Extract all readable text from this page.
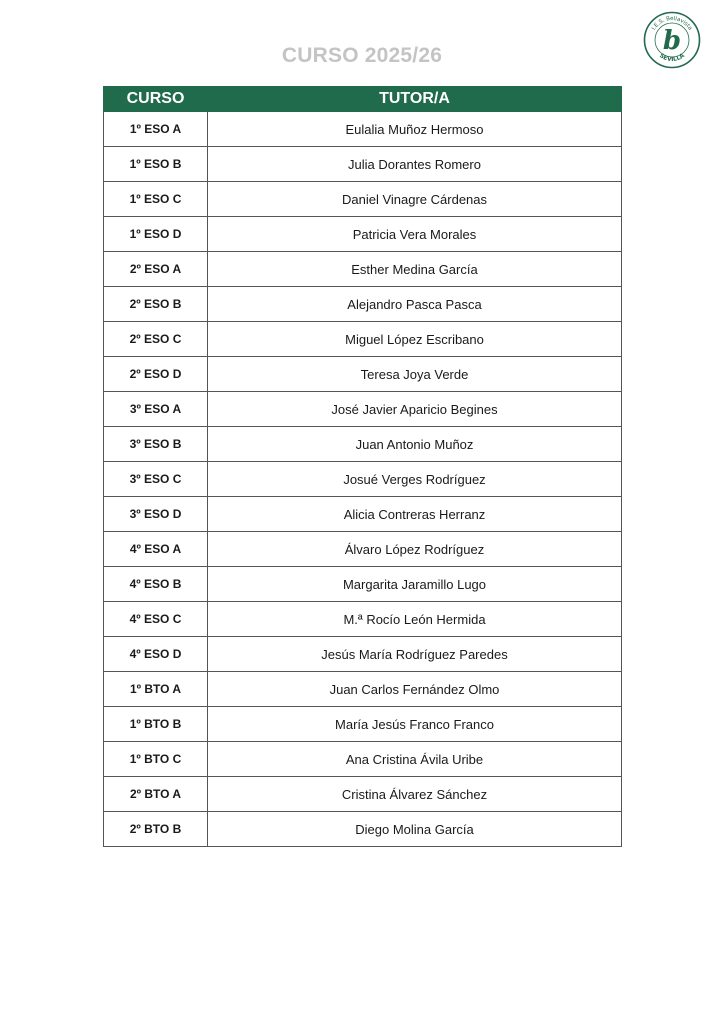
CURSO 2025/26
I.E.S. Bellavista
SEVILLA
b
CURSO	TUTOR/A
1º ESO A	Eulalia Muñoz Hermoso
1º ESO B	Julia Dorantes Romero
1º ESO C	Daniel Vinagre Cárdenas
1º ESO D	Patricia Vera Morales
2º ESO A	Esther Medina García
2º ESO B	Alejandro Pasca Pasca
2º ESO C	Miguel López Escribano
2º ESO D	Teresa Joya Verde
3º ESO A	José Javier Aparicio Begines
3º ESO B	Juan Antonio Muñoz
3º ESO C	Josué Verges Rodríguez
3º ESO D	Alicia Contreras Herranz
4º ESO A	Álvaro López Rodríguez
4º ESO B	Margarita Jaramillo Lugo
4º ESO C	M.ª Rocío León Hermida
4º ESO D	Jesús María Rodríguez Paredes
1º BTO A	Juan Carlos Fernández Olmo
1º BTO B	María Jesús Franco Franco
1º BTO C	Ana Cristina Ávila Uribe
2º BTO A	Cristina Álvarez Sánchez
2º BTO B	Diego Molina García
